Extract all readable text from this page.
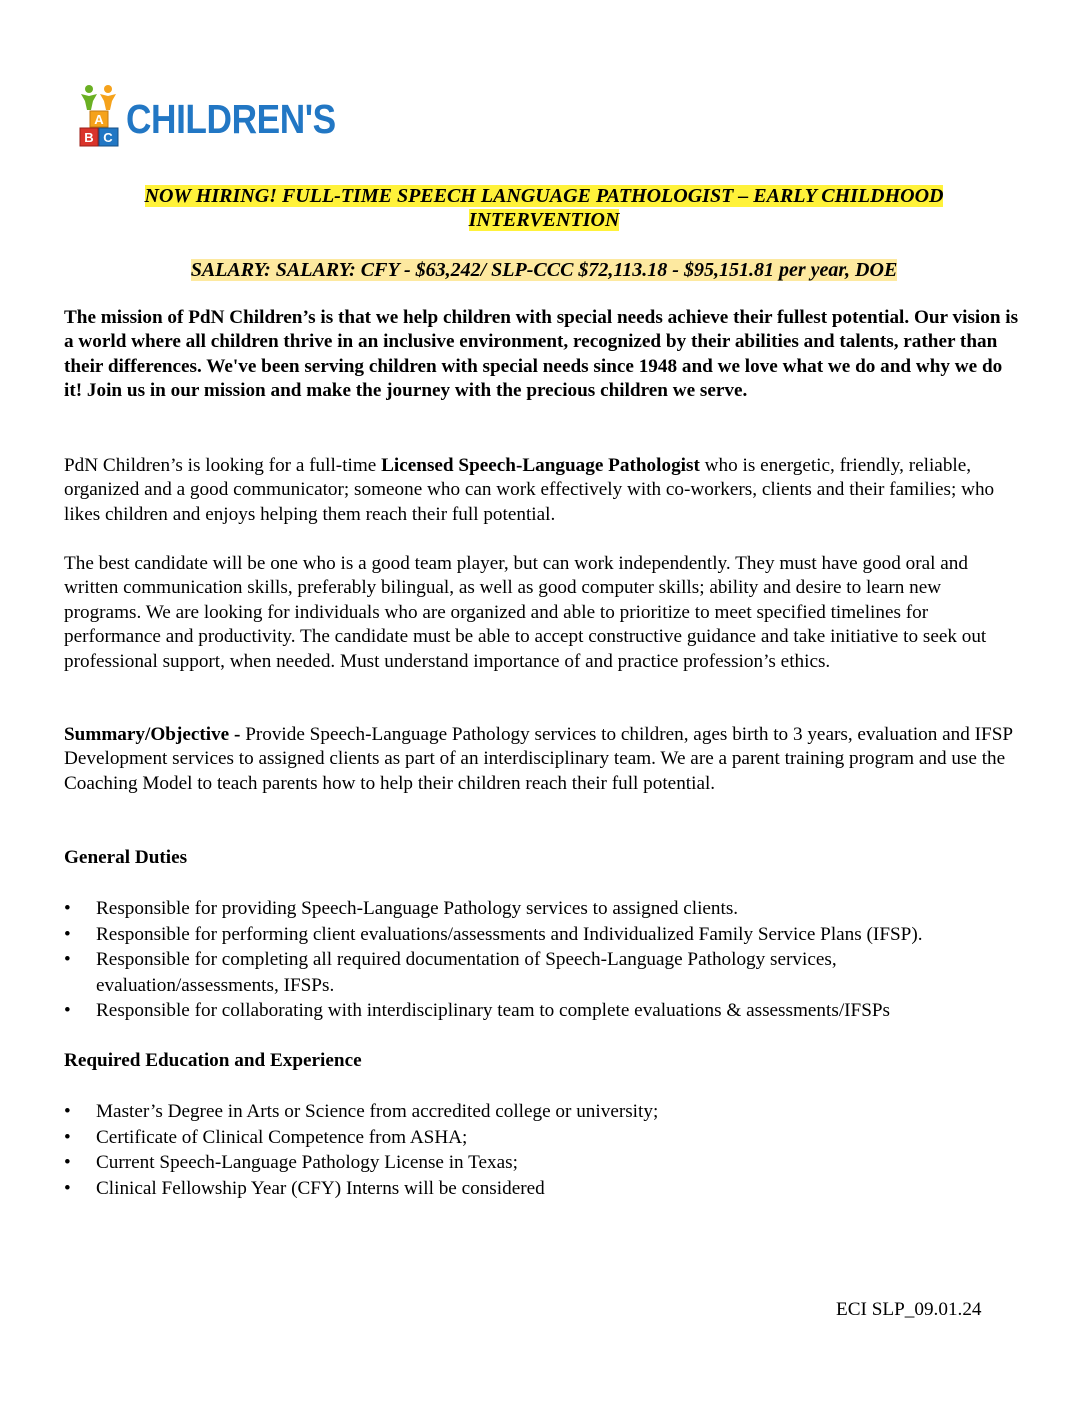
A
B C CHILDREN'S
NOW HIRING! FULL-TIME SPEECH LANGUAGE PATHOLOGIST – EARLY CHILDHOOD
INTERVENTION
SALARY: SALARY: CFY - $63,242/ SLP-CCC $72,113.18 - $95,151.81 per year, DOE
The mission of PdN Children’s is that we help children with special needs achieve their fullest potential. Our vision is a world where all children thrive in an inclusive environment, recognized by their abilities and talents, rather than their differences. We've been serving children with special needs since 1948 and we love what we do and why we do it! Join us in our mission and make the journey with the precious children we serve.
PdN Children’s is looking for a full-time Licensed Speech-Language Pathologist who is energetic, friendly, reliable, organized and a good communicator; someone who can work effectively with co-workers, clients and their families; who likes children and enjoys helping them reach their full potential.
The best candidate will be one who is a good team player, but can work independently. They must have good oral and written communication skills, preferably bilingual, as well as good computer skills; ability and desire to learn new programs. We are looking for individuals who are organized and able to prioritize to meet specified timelines for performance and productivity. The candidate must be able to accept constructive guidance and take initiative to seek out professional support, when needed. Must understand importance of and practice profession’s ethics.
Summary/Objective - Provide Speech-Language Pathology services to children, ages birth to 3 years, evaluation and IFSP Development services to assigned clients as part of an interdisciplinary team. We are a parent training program and use the Coaching Model to teach parents how to help their children reach their full potential.
General Duties
• Responsible for providing Speech-Language Pathology services to assigned clients.
• Responsible for performing client evaluations/assessments and Individualized Family Service Plans (IFSP).
• Responsible for completing all required documentation of Speech-Language Pathology services, evaluation/assessments, IFSPs.
• Responsible for collaborating with interdisciplinary team to complete evaluations & assessments/IFSPs
Required Education and Experience
• Master’s Degree in Arts or Science from accredited college or university;
• Certificate of Clinical Competence from ASHA;
• Current Speech-Language Pathology License in Texas;
• Clinical Fellowship Year (CFY) Interns will be considered
ECI SLP_09.01.24
